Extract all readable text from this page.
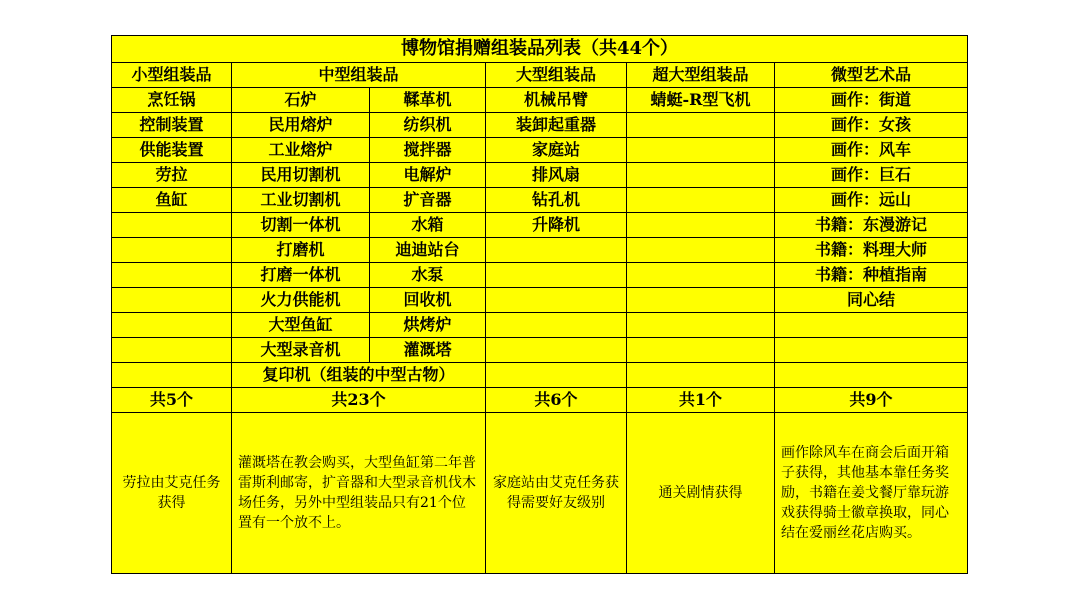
博物馆捐赠组装品列表（共44个）					
小型组装品	中型组装品		大型组装品	超大型组装品	微型艺术品
烹饪锅	石炉	鞣革机	机械吊臂	蜻蜓-R型飞机	画作：街道
控制装置	民用熔炉	纺织机	装卸起重器		画作：女孩
供能装置	工业熔炉	搅拌器	家庭站		画作：风车
劳拉	民用切割机	电解炉	排风扇		画作：巨石
鱼缸	工业切割机	扩音器	钻孔机		画作：远山
	切割一体机	水箱	升降机		书籍：东漫游记
	打磨机	迪迪站台			书籍：料理大师
	打磨一体机	水泵			书籍：种植指南
	火力供能机	回收机			同心结
	大型鱼缸	烘烤炉			
	大型录音机	灌溉塔			
	复印机（组装的中型古物）				
共5个	共23个		共6个	共1个	共9个
劳拉由艾克任务获得	灌溉塔在教会购买，大型鱼缸第二年普雷斯利邮寄，扩音器和大型录音机伐木场任务，另外中型组装品只有21个位置有一个放不上。		家庭站由艾克任务获得需要好友级别	通关剧情获得	画作除风车在商会后面开箱子获得，其他基本靠任务奖励，书籍在姜戈餐厅靠玩游戏获得骑士徽章换取，同心结在爱丽丝花店购买。
